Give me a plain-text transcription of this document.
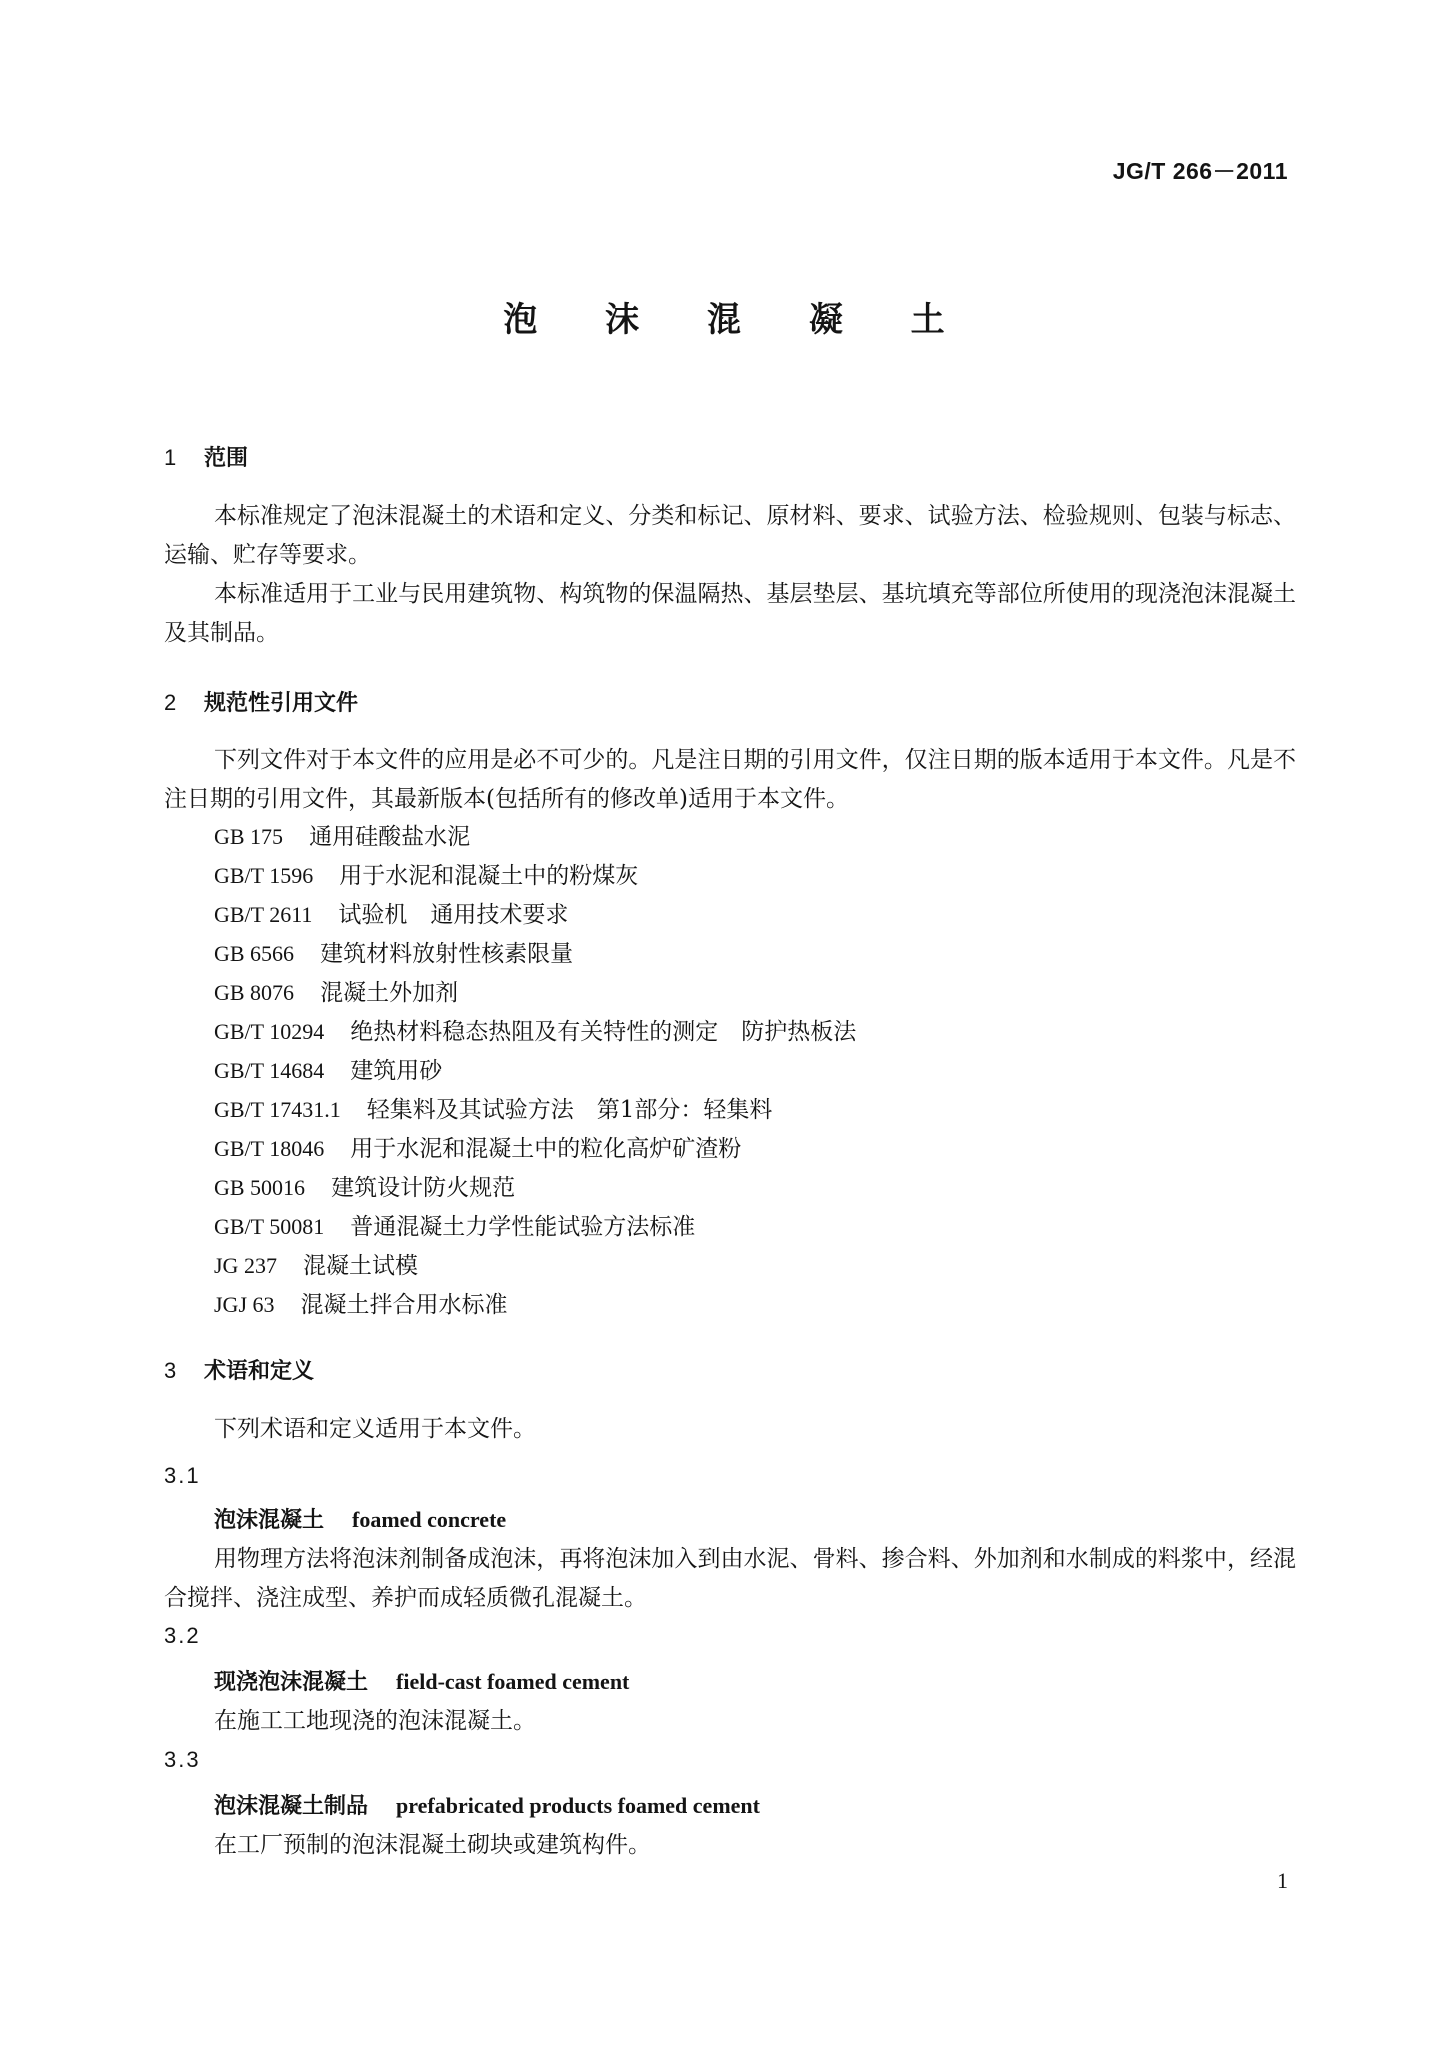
JG/T 266－2011
泡 沫 混 凝 土
1 范围

本标准规定了泡沫混凝土的术语和定义、分类和标记、原材料、要求、试验方法、检验规则、包装与标志、运输、贮存等要求。

本标准适用于工业与民用建筑物、构筑物的保温隔热、基层垫层、基坑填充等部位所使用的现浇泡沫混凝土及其制品。

2 规范性引用文件

下列文件对于本文件的应用是必不可少的。凡是注日期的引用文件，仅注日期的版本适用于本文件。凡是不注日期的引用文件，其最新版本(包括所有的修改单)适用于本文件。

GB 175 通用硅酸盐水泥
GB/T 1596 用于水泥和混凝土中的粉煤灰
GB/T 2611 试验机　通用技术要求
GB 6566 建筑材料放射性核素限量
GB 8076 混凝土外加剂
GB/T 10294 绝热材料稳态热阻及有关特性的测定　防护热板法
GB/T 14684 建筑用砂
GB/T 17431.1 轻集料及其试验方法　第1部分：轻集料
GB/T 18046 用于水泥和混凝土中的粒化高炉矿渣粉
GB 50016 建筑设计防火规范
GB/T 50081 普通混凝土力学性能试验方法标准
JG 237 混凝土试模
JGJ 63 混凝土拌合用水标准
3 术语和定义

下列术语和定义适用于本文件。

3.1
泡沫混凝土 foamed concrete

用物理方法将泡沫剂制备成泡沫，再将泡沫加入到由水泥、骨料、掺合料、外加剂和水制成的料浆中，经混合搅拌、浇注成型、养护而成轻质微孔混凝土。

3.2
现浇泡沫混凝土 field-cast foamed cement

在施工工地现浇的泡沫混凝土。

3.3
泡沫混凝土制品 prefabricated products foamed cement

在工厂预制的泡沫混凝土砌块或建筑构件。

1
